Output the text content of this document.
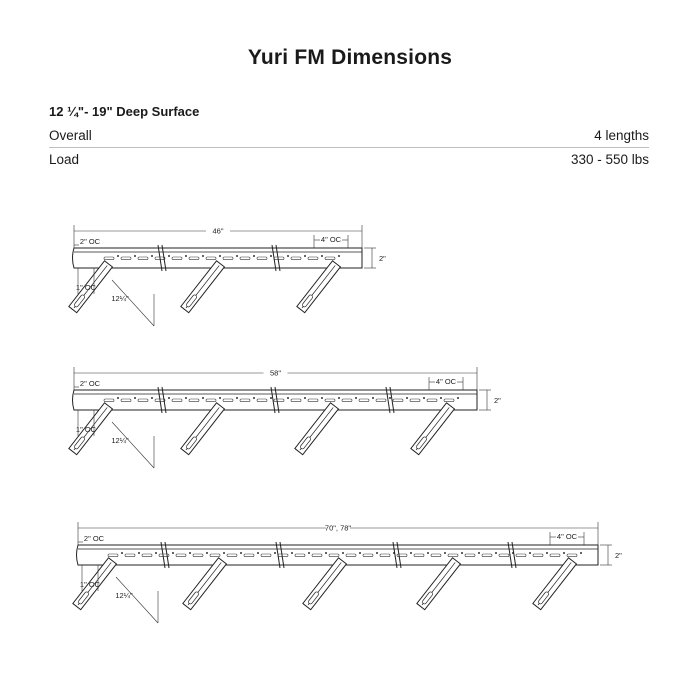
Yuri FM Dimensions
12 ¼"- 19" Deep Surface
Overall	4 lengths
Load	330 - 550 lbs
46"
2" OC	4" OC
2"
1" OC
12¼"
58"
2" OC	4" OC
2"
1" OC
12¼"
70", 78"
2" OC	4" OC
2"
1" OC
12¼"
